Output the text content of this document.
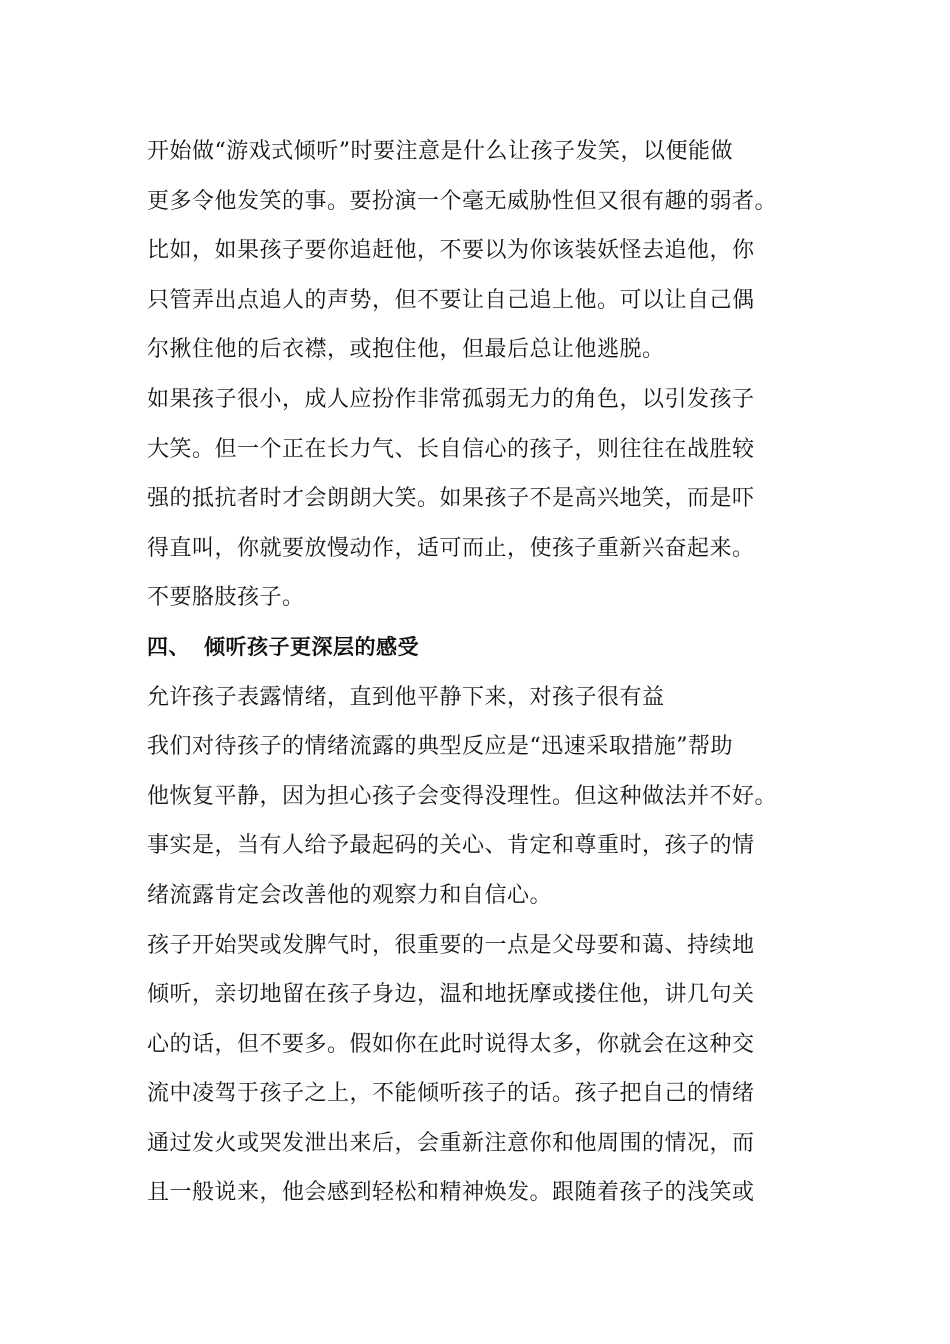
开始做“游戏式倾听”时要注意是什么让孩子发笑，以便能做
更多令他发笑的事。要扮演一个毫无威胁性但又很有趣的弱者。
比如，如果孩子要你追赶他，不要以为你该装妖怪去追他，你
只管弄出点追人的声势，但不要让自己追上他。可以让自己偶
尔揪住他的后衣襟，或抱住他，但最后总让他逃脱。
如果孩子很小，成人应扮作非常孤弱无力的角色，以引发孩子
大笑。但一个正在长力气、长自信心的孩子，则往往在战胜较
强的抵抗者时才会朗朗大笑。如果孩子不是高兴地笑，而是吓
得直叫，你就要放慢动作，适可而止，使孩子重新兴奋起来。
不要胳肢孩子。
四、 倾听孩子更深层的感受
允许孩子表露情绪，直到他平静下来，对孩子很有益
我们对待孩子的情绪流露的典型反应是“迅速采取措施”帮助
他恢复平静，因为担心孩子会变得没理性。但这种做法并不好。
事实是，当有人给予最起码的关心、肯定和尊重时，孩子的情
绪流露肯定会改善他的观察力和自信心。
孩子开始哭或发脾气时，很重要的一点是父母要和蔼、持续地
倾听，亲切地留在孩子身边，温和地抚摩或搂住他，讲几句关
心的话，但不要多。假如你在此时说得太多，你就会在这种交
流中凌驾于孩子之上，不能倾听孩子的话。孩子把自己的情绪
通过发火或哭发泄出来后，会重新注意你和他周围的情况，而
且一般说来，他会感到轻松和精神焕发。跟随着孩子的浅笑或
